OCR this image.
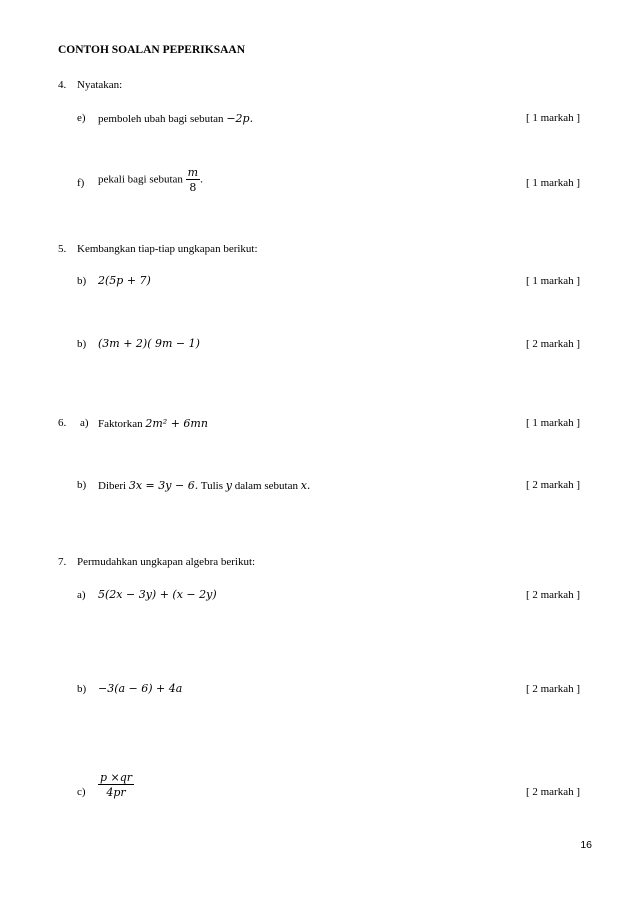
CONTOH SOALAN PEPERIKSAAN
4. Nyatakan:
e) pemboleh ubah bagi sebutan −2p.	[ 1 markah ]
f) pekali bagi sebutan $\frac{m}{8}$ .	[ 1 markah ]
5. Kembangkan tiap-tiap ungkapan berikut:
b) 2(5p + 7)	[ 1 markah ]
b) (3m + 2)( 9m − 1)	[ 2 markah ]
6. a) Faktorkan 2m² + 6mn	[ 1 markah ]
b) Diberi 3x = 3y − 6. Tulis y dalam sebutan x.	[ 2 markah ]
7. Permudahkan ungkapan algebra berikut:
a) 5(2x − 3y) + (x − 2y)	[ 2 markah ]
b) −3(a − 6) + 4a	[ 2 markah ]
$c) \frac{p \times qr}{4pr}$	[ 2 markah ]
16
